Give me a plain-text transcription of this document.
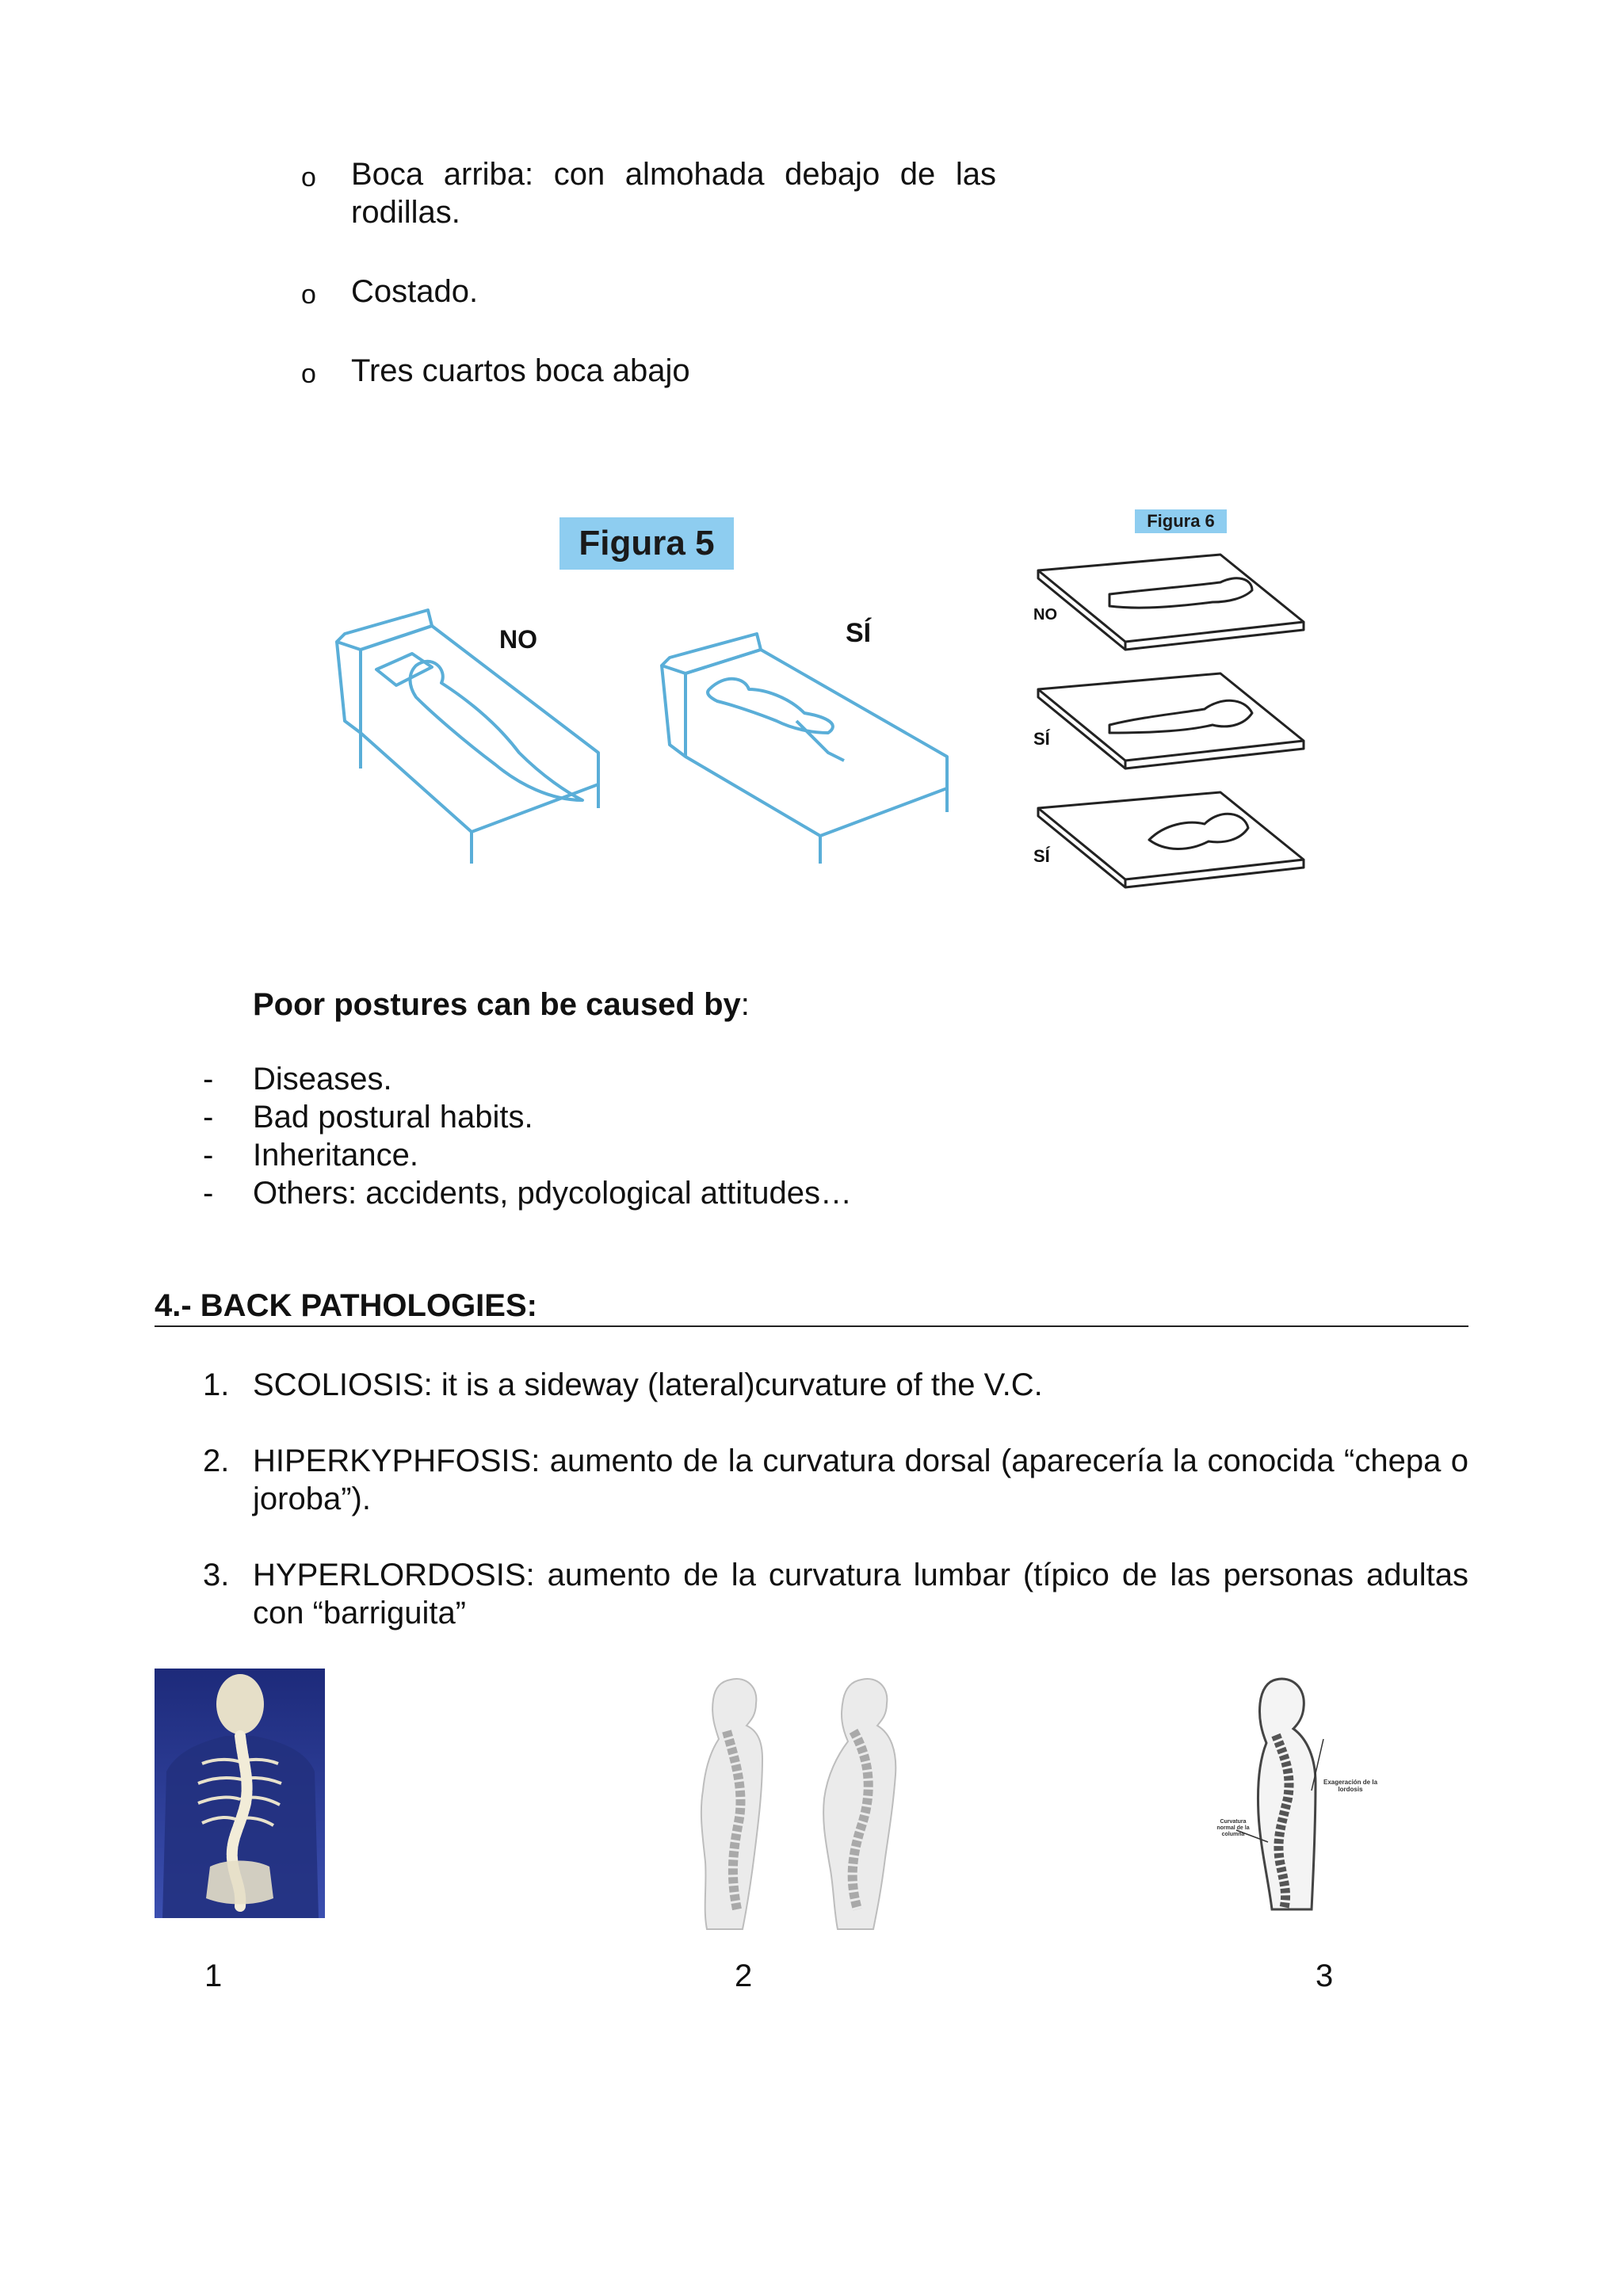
o Boca arriba: con almohada debajo de las rodillas.
o Costado.
o Tres cuartos boca abajo
Figura 5
NO	SÍ
Figura 6
NO
SÍ
SÍ
Poor postures can be caused by:
- Diseases.
- Bad postural habits.
- Inheritance.
- Others: accidents, pdycological attitudes…
4.- BACK PATHOLOGIES:
1. SCOLIOSIS: it is a sideway (lateral)curvature of the V.C.
2. HIPERKYPHFOSIS: aumento de la curvatura dorsal (aparecería la conocida “chepa o joroba”).
3. HYPERLORDOSIS: aumento de la curvatura lumbar (típico de las personas adultas con “barriguita”
Exageración de la lordosis
Curvatura normal de la columna
1	2	3
